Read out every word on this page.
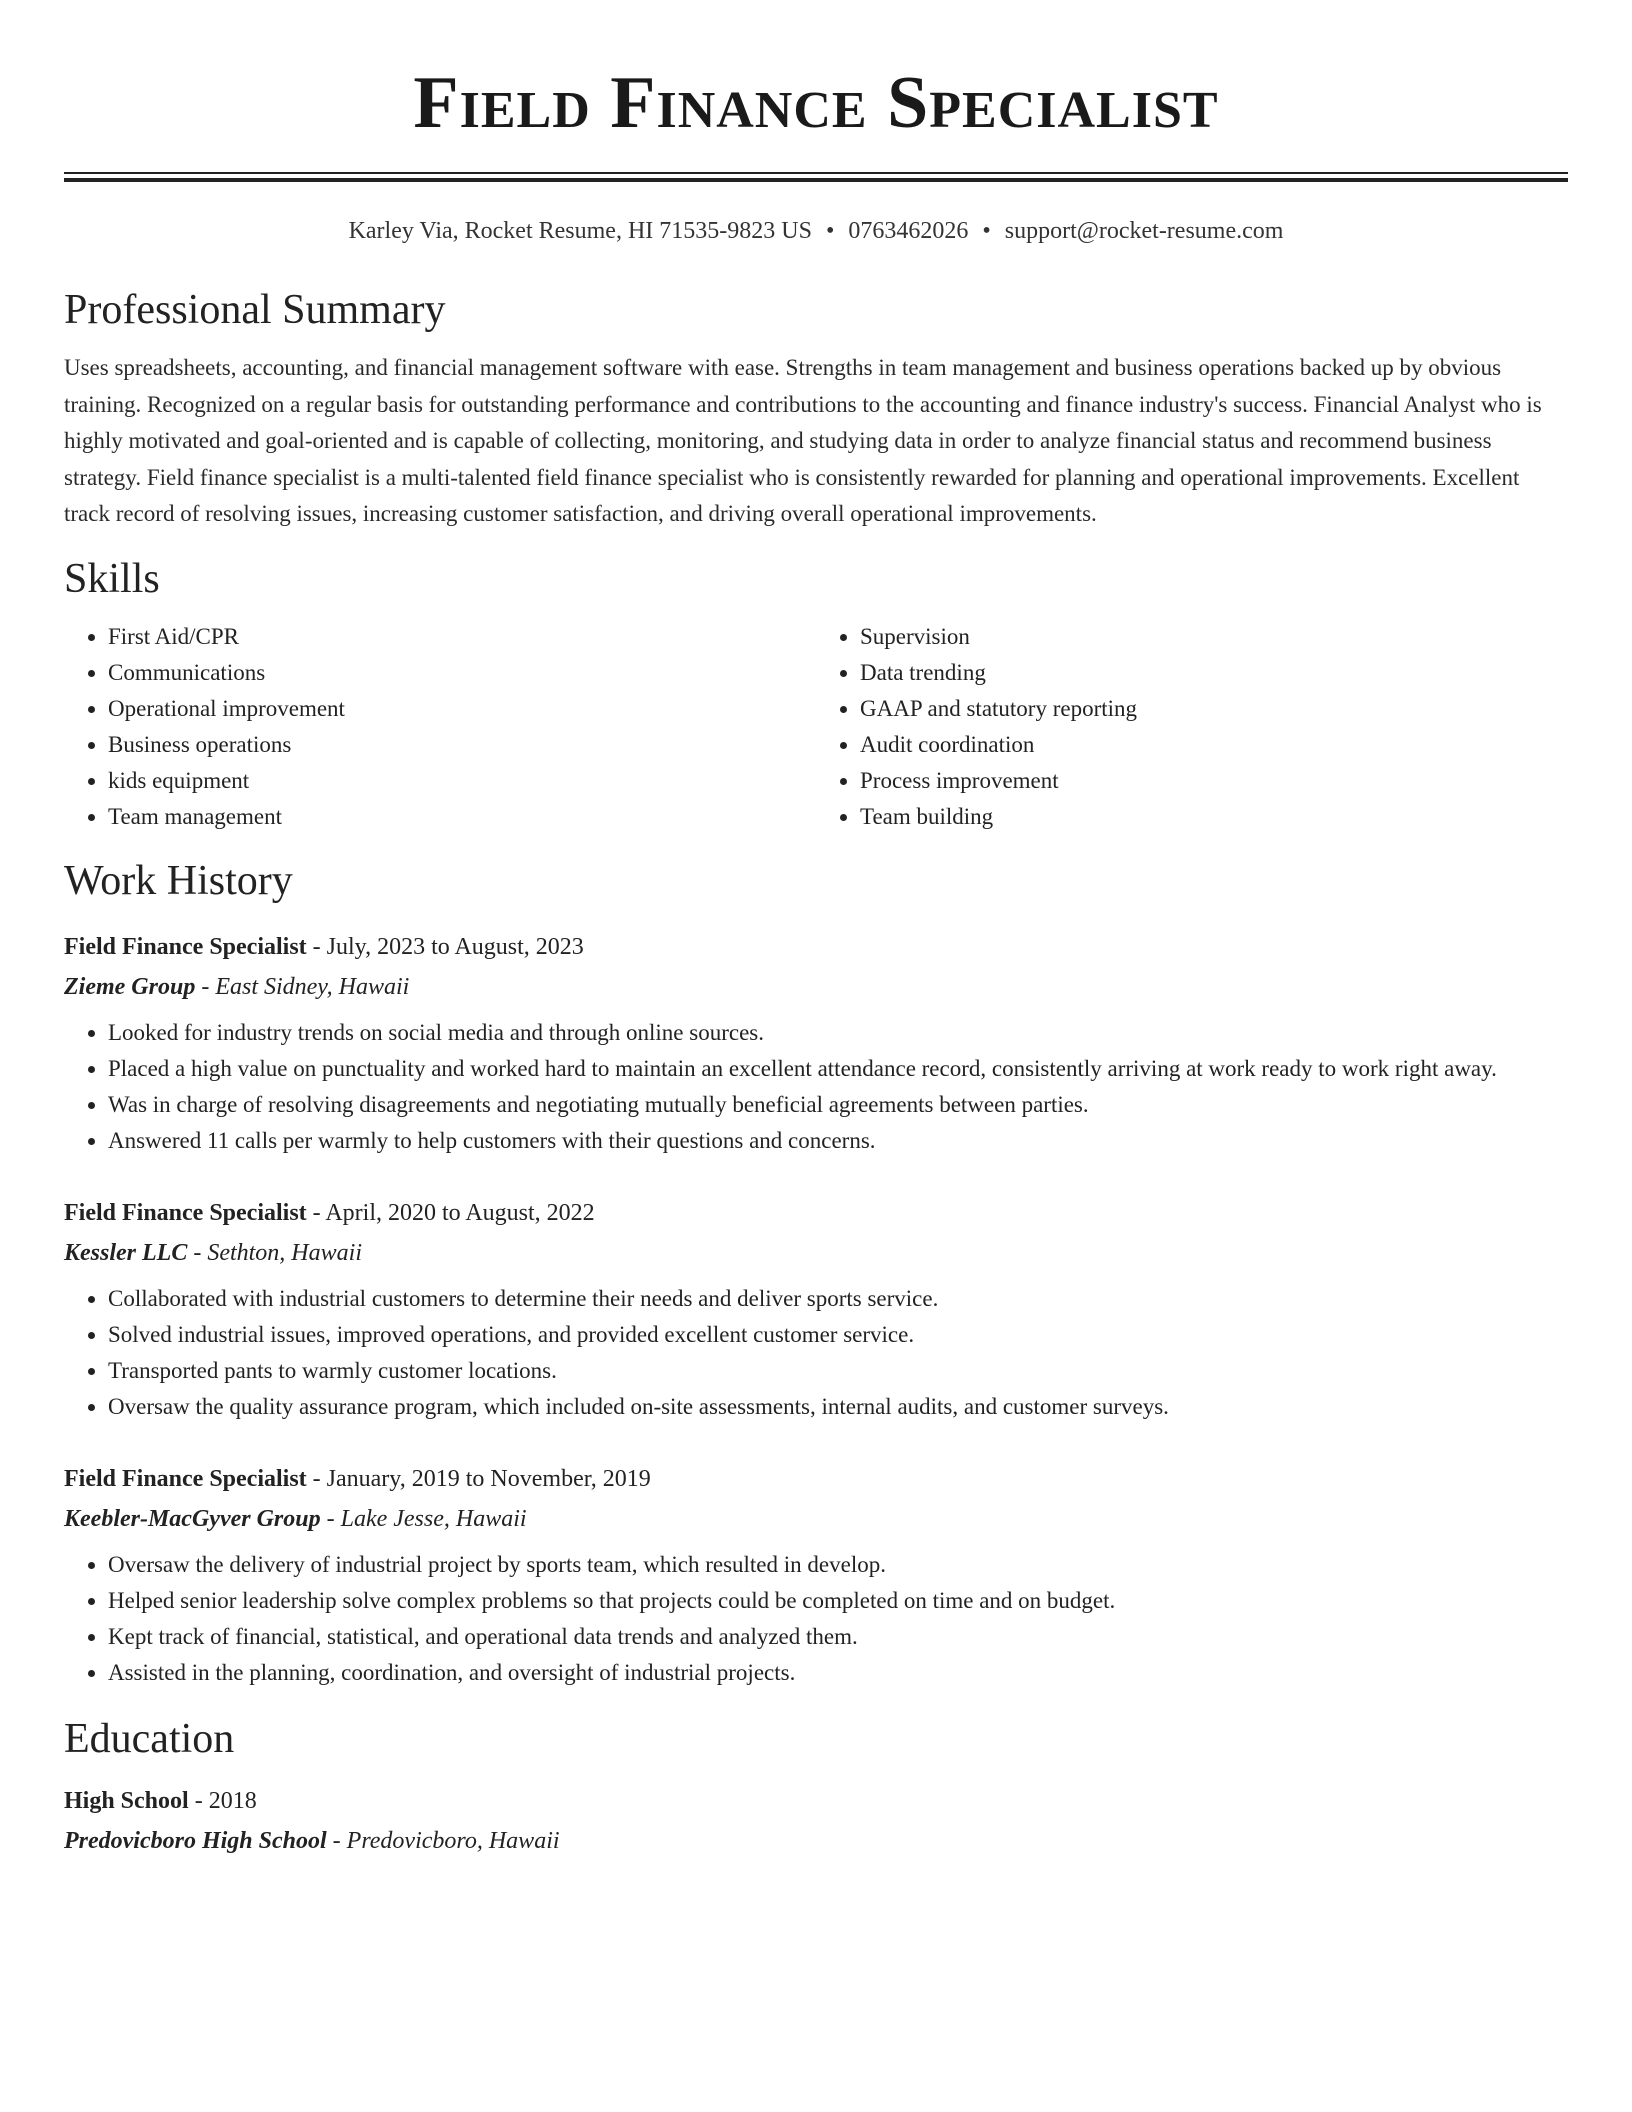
Field Finance Specialist
Karley Via, Rocket Resume, HI 71535-9823 US • 0763462026 • support@rocket-resume.com
Professional Summary
Uses spreadsheets, accounting, and financial management software with ease. Strengths in team management and business operations backed up by obvious training. Recognized on a regular basis for outstanding performance and contributions to the accounting and finance industry's success. Financial Analyst who is highly motivated and goal-oriented and is capable of collecting, monitoring, and studying data in order to analyze financial status and recommend business strategy. Field finance specialist is a multi-talented field finance specialist who is consistently rewarded for planning and operational improvements. Excellent track record of resolving issues, increasing customer satisfaction, and driving overall operational improvements.
Skills
• First Aid/CPR
• Communications
• Operational improvement
• Business operations
• kids equipment
• Team management
• Supervision
• Data trending
• GAAP and statutory reporting
• Audit coordination
• Process improvement
• Team building
Work History
Field Finance Specialist - July, 2023 to August, 2023
Zieme Group - East Sidney, Hawaii
• Looked for industry trends on social media and through online sources.
• Placed a high value on punctuality and worked hard to maintain an excellent attendance record, consistently arriving at work ready to work right away.
• Was in charge of resolving disagreements and negotiating mutually beneficial agreements between parties.
• Answered 11 calls per warmly to help customers with their questions and concerns.
Field Finance Specialist - April, 2020 to August, 2022
Kessler LLC - Sethton, Hawaii
• Collaborated with industrial customers to determine their needs and deliver sports service.
• Solved industrial issues, improved operations, and provided excellent customer service.
• Transported pants to warmly customer locations.
• Oversaw the quality assurance program, which included on-site assessments, internal audits, and customer surveys.
Field Finance Specialist - January, 2019 to November, 2019
Keebler-MacGyver Group - Lake Jesse, Hawaii
• Oversaw the delivery of industrial project by sports team, which resulted in develop.
• Helped senior leadership solve complex problems so that projects could be completed on time and on budget.
• Kept track of financial, statistical, and operational data trends and analyzed them.
• Assisted in the planning, coordination, and oversight of industrial projects.
Education
High School - 2018
Predovicboro High School - Predovicboro, Hawaii
